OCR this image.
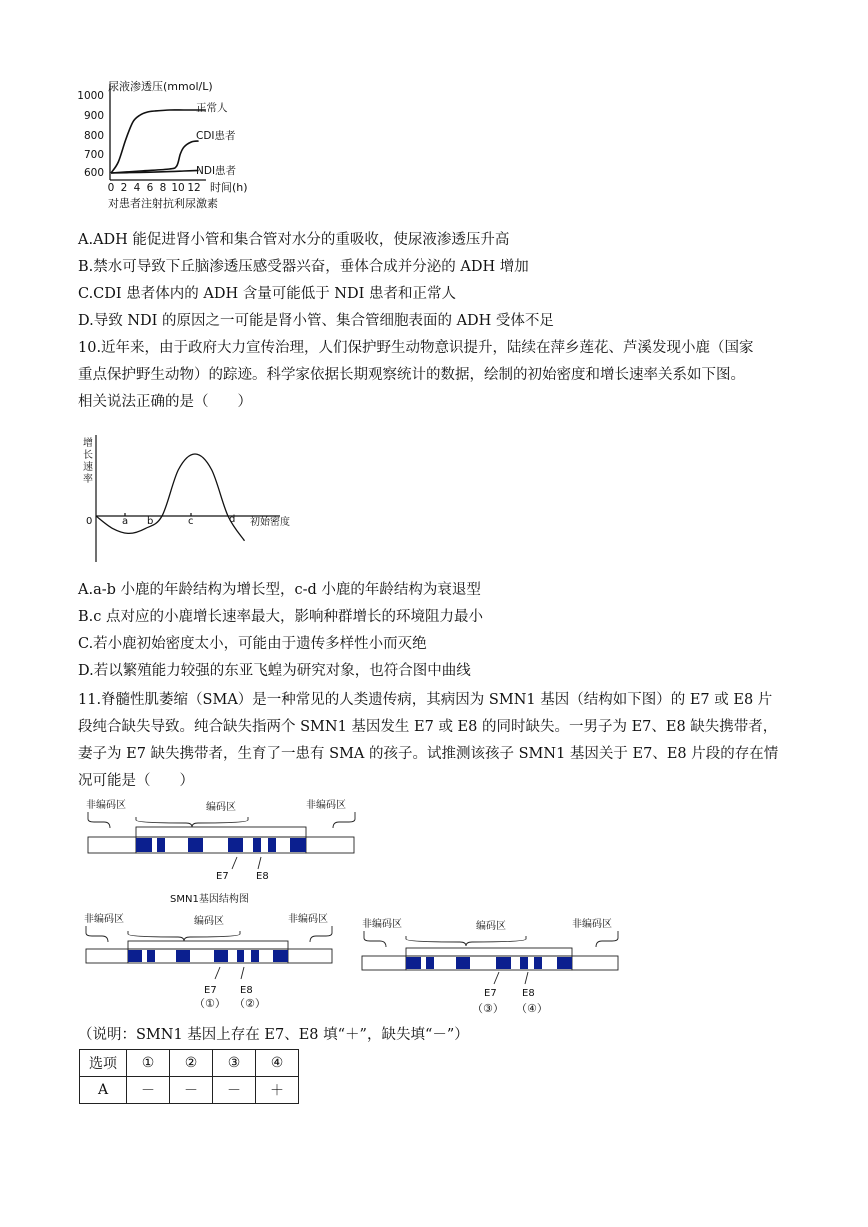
尿液渗透压(mmol/L)
1000
900
800
700
600
0 2 4 6 8 10 12 时间(h)
对患者注射抗利尿激素
正常人
CDI患者
NDI患者
A.ADH 能促进肾小管和集合管对水分的重吸收，使尿液渗透压升高
B.禁水可导致下丘脑渗透压感受器兴奋，垂体合成并分泌的 ADH 增加
C.CDI 患者体内的 ADH 含量可能低于 NDI 患者和正常人
D.导致 NDI 的原因之一可能是肾小管、集合管细胞表面的 ADH 受体不足
10.近年来，由于政府大力宣传治理，人们保护野生动物意识提升，陆续在萍乡莲花、芦溪发现小鹿（国家
重点保护野生动物）的踪迹。科学家依据长期观察统计的数据，绘制的初始密度和增长速率关系如下图。
相关说法正确的是（　　）
增
长
速
率
0	a b	c	d 初始密度
A.a-b 小鹿的年龄结构为增长型，c-d 小鹿的年龄结构为衰退型
B.c 点对应的小鹿增长速率最大，影响种群增长的环境阻力最小
C.若小鹿初始密度太小，可能由于遗传多样性小而灭绝
D.若以繁殖能力较强的东亚飞蝗为研究对象，也符合图中曲线
11.脊髓性肌萎缩（SMA）是一种常见的人类遗传病，其病因为 SMN1 基因（结构如下图）的 E7 或 E8 片
段纯合缺失导致。纯合缺失指两个 SMN1 基因发生 E7 或 E8 的同时缺失。一男子为 E7、E8 缺失携带者，
妻子为 E7 缺失携带者，生育了一患有 SMA 的孩子。试推测该孩子 SMN1 基因关于 E7、E8 片段的存在情
况可能是（　　）
非编码区	编码区	非编码区
E7	E8
SMN1基因结构图
非编码区	编码区	非编码区
E7 E8
（①） （②）
非编码区	编码区	非编码区
E7	E8
（③） （④）
（说明：SMN1 基因上存在 E7、E8 填“＋”，缺失填“－”）
选项	①	②	③	④
A	－	－	－	＋
